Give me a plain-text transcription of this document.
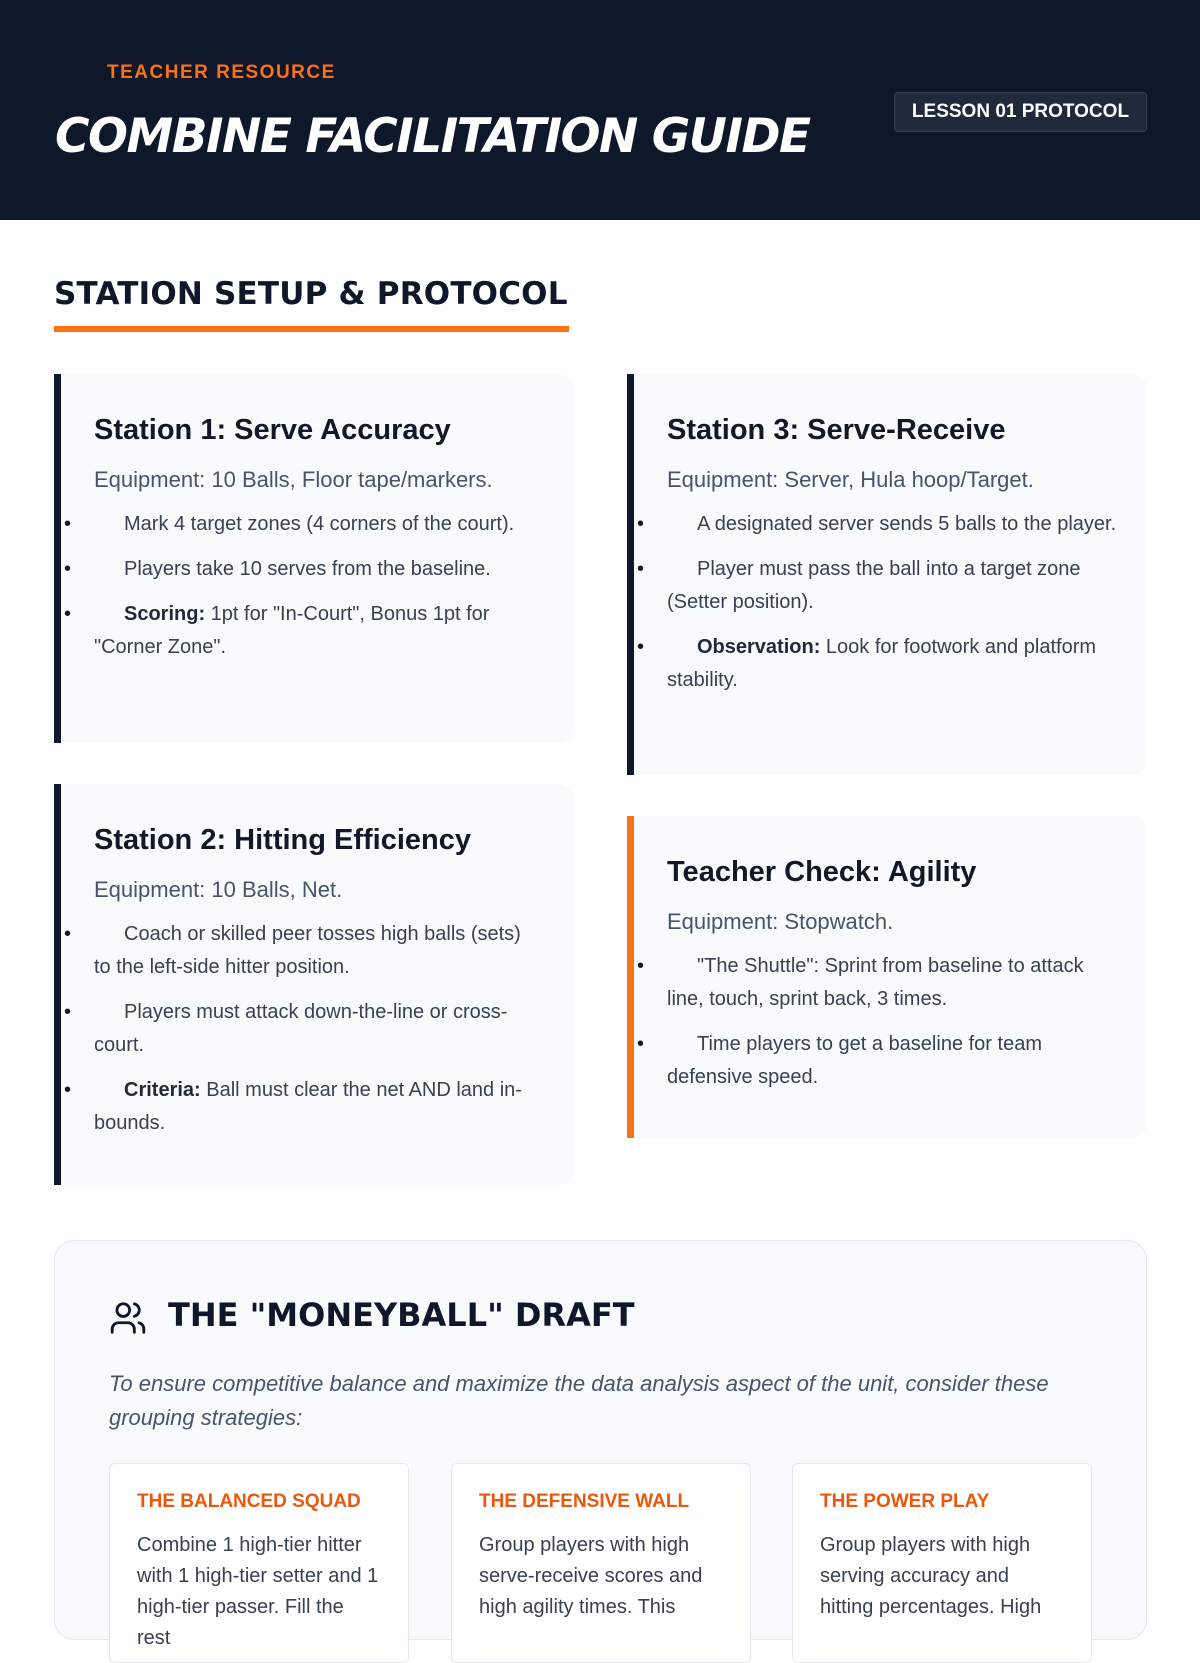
TEACHER RESOURCE
COMBINE FACILITATION GUIDE	LESSON 01 PROTOCOL
STATION SETUP & PROTOCOL
Station 1: Serve Accuracy
Equipment: 10 Balls, Floor tape/markers.
• Mark 4 target zones (4 corners of the court).
• Players take 10 serves from the baseline.
• Scoring: 1pt for "In-Court", Bonus 1pt for "Corner Zone".
Station 3: Serve-Receive
Equipment: Server, Hula hoop/Target.
• A designated server sends 5 balls to the player.
• Player must pass the ball into a target zone (Setter position).
• Observation: Look for footwork and platform stability.
Station 2: Hitting Efficiency
Equipment: 10 Balls, Net.
• Coach or skilled peer tosses high balls (sets) to the left-side hitter position.
• Players must attack down-the-line or cross-court.
• Criteria: Ball must clear the net AND land in-bounds.
Teacher Check: Agility
Equipment: Stopwatch.
• "The Shuttle": Sprint from baseline to attack line, touch, sprint back, 3 times.
• Time players to get a baseline for team defensive speed.
THE "MONEYBALL" DRAFT
To ensure competitive balance and maximize the data analysis aspect of the unit, consider these grouping strategies:
THE BALANCED SQUAD
Combine 1 high-tier hitter with 1 high-tier setter and 1 high-tier passer. Fill the rest
THE DEFENSIVE WALL
Group players with high serve-receive scores and high agility times. This
THE POWER PLAY
Group players with high serving accuracy and hitting percentages. High
